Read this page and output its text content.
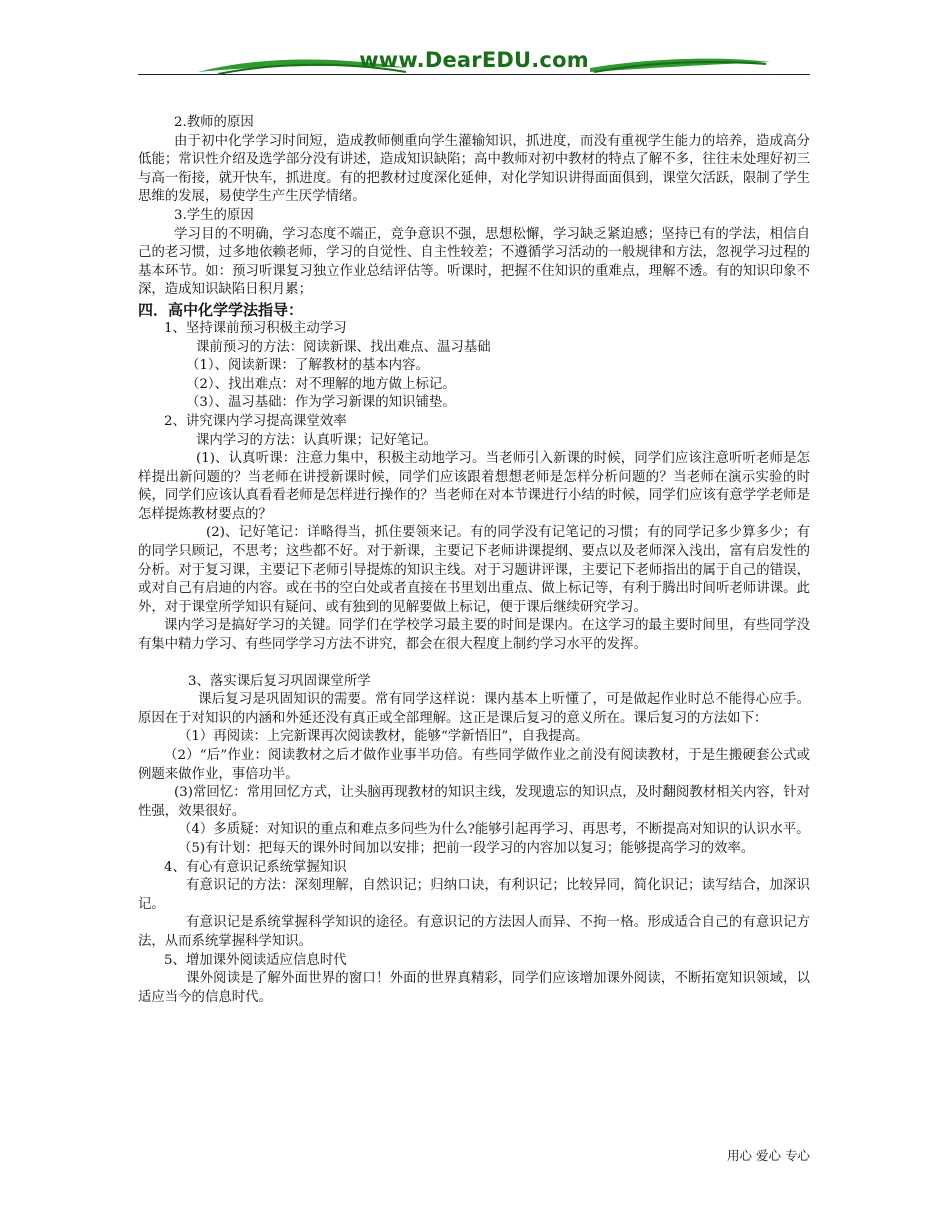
www.DearEDU.com

2.教师的原因

由于初中化学学习时间短，造成教师侧重向学生灌输知识，抓进度，而没有重视学生能力的培养，造成高分低能；常识性介绍及选学部分没有讲述，造成知识缺陷；高中教师对初中教材的特点了解不多，往往未处理好初三与高一衔接，就开快车，抓进度。有的把教材过度深化延伸，对化学知识讲得面面俱到，课堂欠活跃，限制了学生思维的发展，易使学生产生厌学情绪。

3.学生的原因

学习目的不明确，学习态度不端正，竞争意识不强，思想松懈，学习缺乏紧迫感；坚持已有的学法，相信自己的老习惯，过多地依赖老师，学习的自觉性、自主性较差；不遵循学习活动的一般规律和方法，忽视学习过程的基本环节。如：预习听课复习独立作业总结评估等。听课时，把握不住知识的重难点，理解不透。有的知识印象不深，造成知识缺陷日积月累；

四．高中化学学法指导：

1、坚持课前预习积极主动学习

课前预习的方法：阅读新课、找出难点、温习基础

（1）、阅读新课：了解教材的基本内容。

（2）、找出难点：对不理解的地方做上标记。

（3）、温习基础：作为学习新课的知识铺垫。

2、讲究课内学习提高课堂效率

课内学习的方法：认真听课；记好笔记。

(1)、认真听课：注意力集中，积极主动地学习。当老师引入新课的时候，同学们应该注意听听老师是怎样提出新问题的？当老师在讲授新课时候，同学们应该跟着想想老师是怎样分析问题的？当老师在演示实验的时候，同学们应该认真看看老师是怎样进行操作的？当老师在对本节课进行小结的时候，同学们应该有意学学老师是怎样提炼教材要点的？

(2)、记好笔记：详略得当，抓住要领来记。有的同学没有记笔记的习惯；有的同学记多少算多少；有的同学只顾记，不思考；这些都不好。对于新课，主要记下老师讲课提纲、要点以及老师深入浅出，富有启发性的分析。对于复习课，主要记下老师引导提炼的知识主线。对于习题讲评课，主要记下老师指出的属于自己的错误，或对自己有启迪的内容。或在书的空白处或者直接在书里划出重点、做上标记等，有利于腾出时间听老师讲课。此外，对于课堂所学知识有疑问、或有独到的见解要做上标记，便于课后继续研究学习。

课内学习是搞好学习的关键。同学们在学校学习最主要的时间是课内。在这学习的最主要时间里，有些同学没有集中精力学习、有些同学学习方法不讲究，都会在很大程度上制约学习水平的发挥。

3、落实课后复习巩固课堂所学

课后复习是巩固知识的需要。常有同学这样说：课内基本上听懂了，可是做起作业时总不能得心应手。原因在于对知识的内涵和外延还没有真正或全部理解。这正是课后复习的意义所在。课后复习的方法如下：

（1）再阅读：上完新课再次阅读教材，能够“学新悟旧”，自我提高。

（2）“后”作业：阅读教材之后才做作业事半功倍。有些同学做作业之前没有阅读教材，于是生搬硬套公式或例题来做作业，事倍功半。

(3)常回忆：常用回忆方式，让头脑再现教材的知识主线，发现遗忘的知识点，及时翻阅教材相关内容，针对性强，效果很好。

（4）多质疑：对知识的重点和难点多问些为什么?能够引起再学习、再思考，不断提高对知识的认识水平。

（5)有计划：把每天的课外时间加以安排；把前一段学习的内容加以复习；能够提高学习的效率。

4、有心有意识记系统掌握知识

有意识记的方法：深刻理解，自然识记；归纳口诀，有利识记；比较异同，简化识记；读写结合，加深识记。

有意识记是系统掌握科学知识的途径。有意识记的方法因人而异、不拘一格。形成适合自己的有意识记方法，从而系统掌握科学知识。

5、增加课外阅读适应信息时代

课外阅读是了解外面世界的窗口！外面的世界真精彩，同学们应该增加课外阅读，不断拓宽知识领域，以适应当今的信息时代。

用心 爱心 专心
